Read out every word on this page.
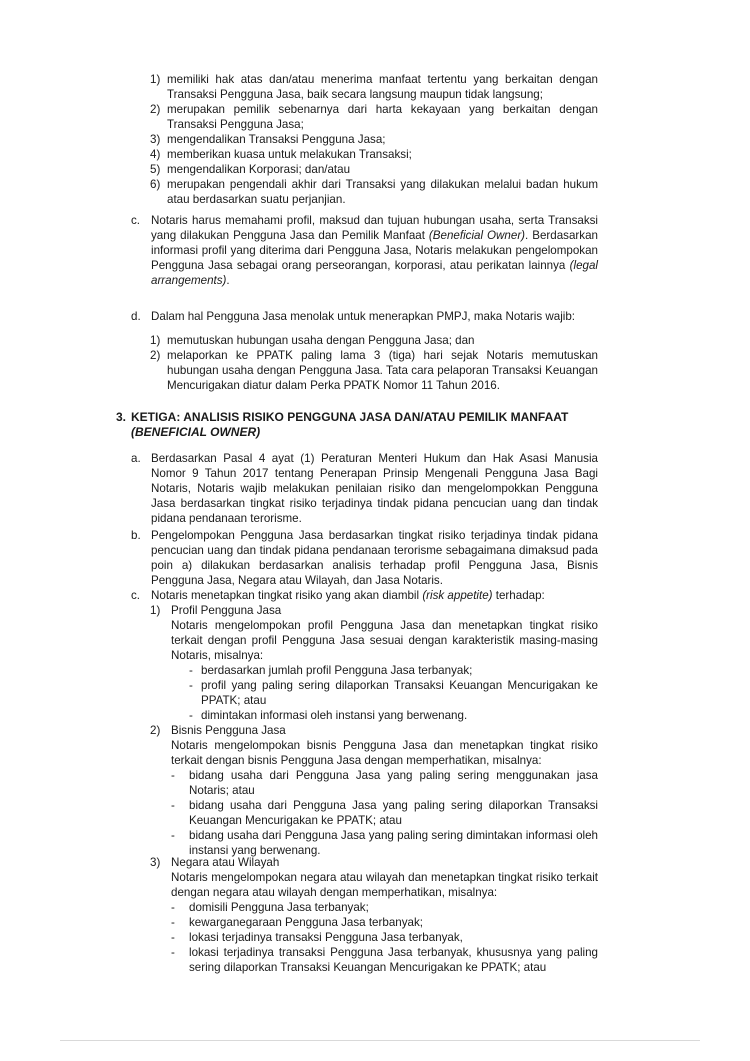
1) memiliki hak atas dan/atau menerima manfaat tertentu yang berkaitan dengan Transaksi Pengguna Jasa, baik secara langsung maupun tidak langsung;
2) merupakan pemilik sebenarnya dari harta kekayaan yang berkaitan dengan Transaksi Pengguna Jasa;
3) mengendalikan Transaksi Pengguna Jasa;
4) memberikan kuasa untuk melakukan Transaksi;
5) mengendalikan Korporasi; dan/atau
6) merupakan pengendali akhir dari Transaksi yang dilakukan melalui badan hukum atau berdasarkan suatu perjanjian.
c. Notaris harus memahami profil, maksud dan tujuan hubungan usaha, serta Transaksi yang dilakukan Pengguna Jasa dan Pemilik Manfaat (Beneficial Owner). Berdasarkan informasi profil yang diterima dari Pengguna Jasa, Notaris melakukan pengelompokan Pengguna Jasa sebagai orang perseorangan, korporasi, atau perikatan lainnya (legal arrangements).
d. Dalam hal Pengguna Jasa menolak untuk menerapkan PMPJ, maka Notaris wajib:
1) memutuskan hubungan usaha dengan Pengguna Jasa; dan
2) melaporkan ke PPATK paling lama 3 (tiga) hari sejak Notaris memutuskan hubungan usaha dengan Pengguna Jasa. Tata cara pelaporan Transaksi Keuangan Mencurigakan diatur dalam Perka PPATK Nomor 11 Tahun 2016.
3. KETIGA: ANALISIS RISIKO PENGGUNA JASA DAN/ATAU PEMILIK MANFAAT
(BENEFICIAL OWNER)
a. Berdasarkan Pasal 4 ayat (1) Peraturan Menteri Hukum dan Hak Asasi Manusia Nomor 9 Tahun 2017 tentang Penerapan Prinsip Mengenali Pengguna Jasa Bagi Notaris, Notaris wajib melakukan penilaian risiko dan mengelompokkan Pengguna Jasa berdasarkan tingkat risiko terjadinya tindak pidana pencucian uang dan tindak pidana pendanaan terorisme.
b. Pengelompokan Pengguna Jasa berdasarkan tingkat risiko terjadinya tindak pidana pencucian uang dan tindak pidana pendanaan terorisme sebagaimana dimaksud pada poin a) dilakukan berdasarkan analisis terhadap profil Pengguna Jasa, Bisnis Pengguna Jasa, Negara atau Wilayah, dan Jasa Notaris.
c. Notaris menetapkan tingkat risiko yang akan diambil (risk appetite) terhadap:
1) Profil Pengguna Jasa
Notaris mengelompokan profil Pengguna Jasa dan menetapkan tingkat risiko terkait dengan profil Pengguna Jasa sesuai dengan karakteristik masing-masing Notaris, misalnya:
- berdasarkan jumlah profil Pengguna Jasa terbanyak;
- profil yang paling sering dilaporkan Transaksi Keuangan Mencurigakan ke PPATK; atau
- dimintakan informasi oleh instansi yang berwenang.
2) Bisnis Pengguna Jasa
Notaris mengelompokan bisnis Pengguna Jasa dan menetapkan tingkat risiko terkait dengan bisnis Pengguna Jasa dengan memperhatikan, misalnya:
- bidang usaha dari Pengguna Jasa yang paling sering menggunakan jasa Notaris; atau
- bidang usaha dari Pengguna Jasa yang paling sering dilaporkan Transaksi Keuangan Mencurigakan ke PPATK; atau
- bidang usaha dari Pengguna Jasa yang paling sering dimintakan informasi oleh instansi yang berwenang.
3) Negara atau Wilayah
Notaris mengelompokan negara atau wilayah dan menetapkan tingkat risiko terkait dengan negara atau wilayah dengan memperhatikan, misalnya:
- domisili Pengguna Jasa terbanyak;
- kewarganegaraan Pengguna Jasa terbanyak;
- lokasi terjadinya transaksi Pengguna Jasa terbanyak,
- lokasi terjadinya transaksi Pengguna Jasa terbanyak, khususnya yang paling sering dilaporkan Transaksi Keuangan Mencurigakan ke PPATK; atau
